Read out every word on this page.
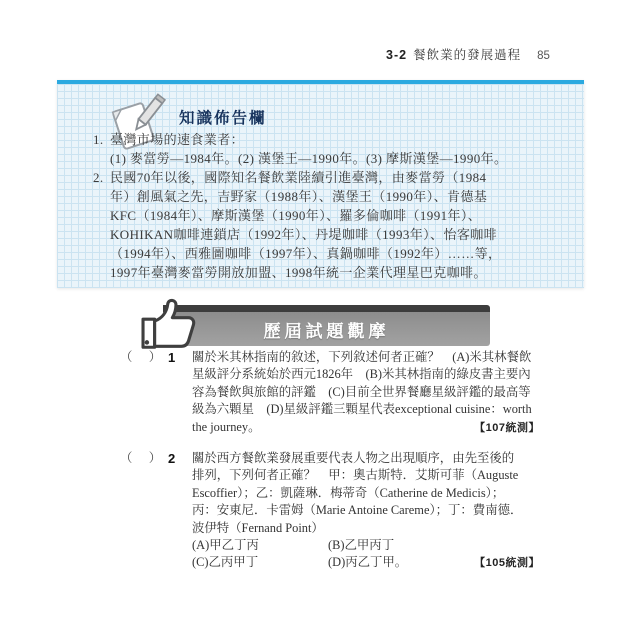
3-2 餐飲業的發展過程 85
知識佈告欄
1. 臺灣市場的速食業者：
(1) 麥當勞—1984年。(2) 漢堡王—1990年。(3) 摩斯漢堡—1990年。
2. 民國70年以後，國際知名餐飲業陸續引進臺灣，由麥當勞（1984
年）創風氣之先，吉野家（1988年）、漢堡王（1990年）、肯德基
KFC（1984年）、摩斯漢堡（1990年）、羅多倫咖啡（1991年）、
KOHIKAN咖啡連鎖店（1992年）、丹堤咖啡（1993年）、怡客咖啡
（1994年）、西雅圖咖啡（1997年）、真鍋咖啡（1992年）……等，
1997年臺灣麥當勞開放加盟、1998年統一企業代理星巴克咖啡。
歷屆試題觀摩
（　） 1	關於米其林指南的敘述，下列敘述何者正確？　(A)米其林餐飲
星級評分系統始於西元1826年　(B)米其林指南的綠皮書主要內
容為餐飲與旅館的評鑑　(C)目前全世界餐廳星級評鑑的最高等
級為六顆星　(D)星級評鑑三顆星代表exceptional cuisine：worth
the journey。	【107統測】
（　） 2	關於西方餐飲業發展重要代表人物之出現順序，由先至後的
排列，下列何者正確？　甲：奧古斯特．艾斯可菲（Auguste
Escoffier）；乙：凱薩琳．梅蒂奇（Catherine de Medicis）；
丙：安東尼．卡雷姆（Marie Antoine Careme）；丁：費南德．
波伊特（Fernand Point）
(A)甲乙丁丙	(B)乙甲丙丁
(C)乙丙甲丁	(D)丙乙丁甲。	【105統測】
